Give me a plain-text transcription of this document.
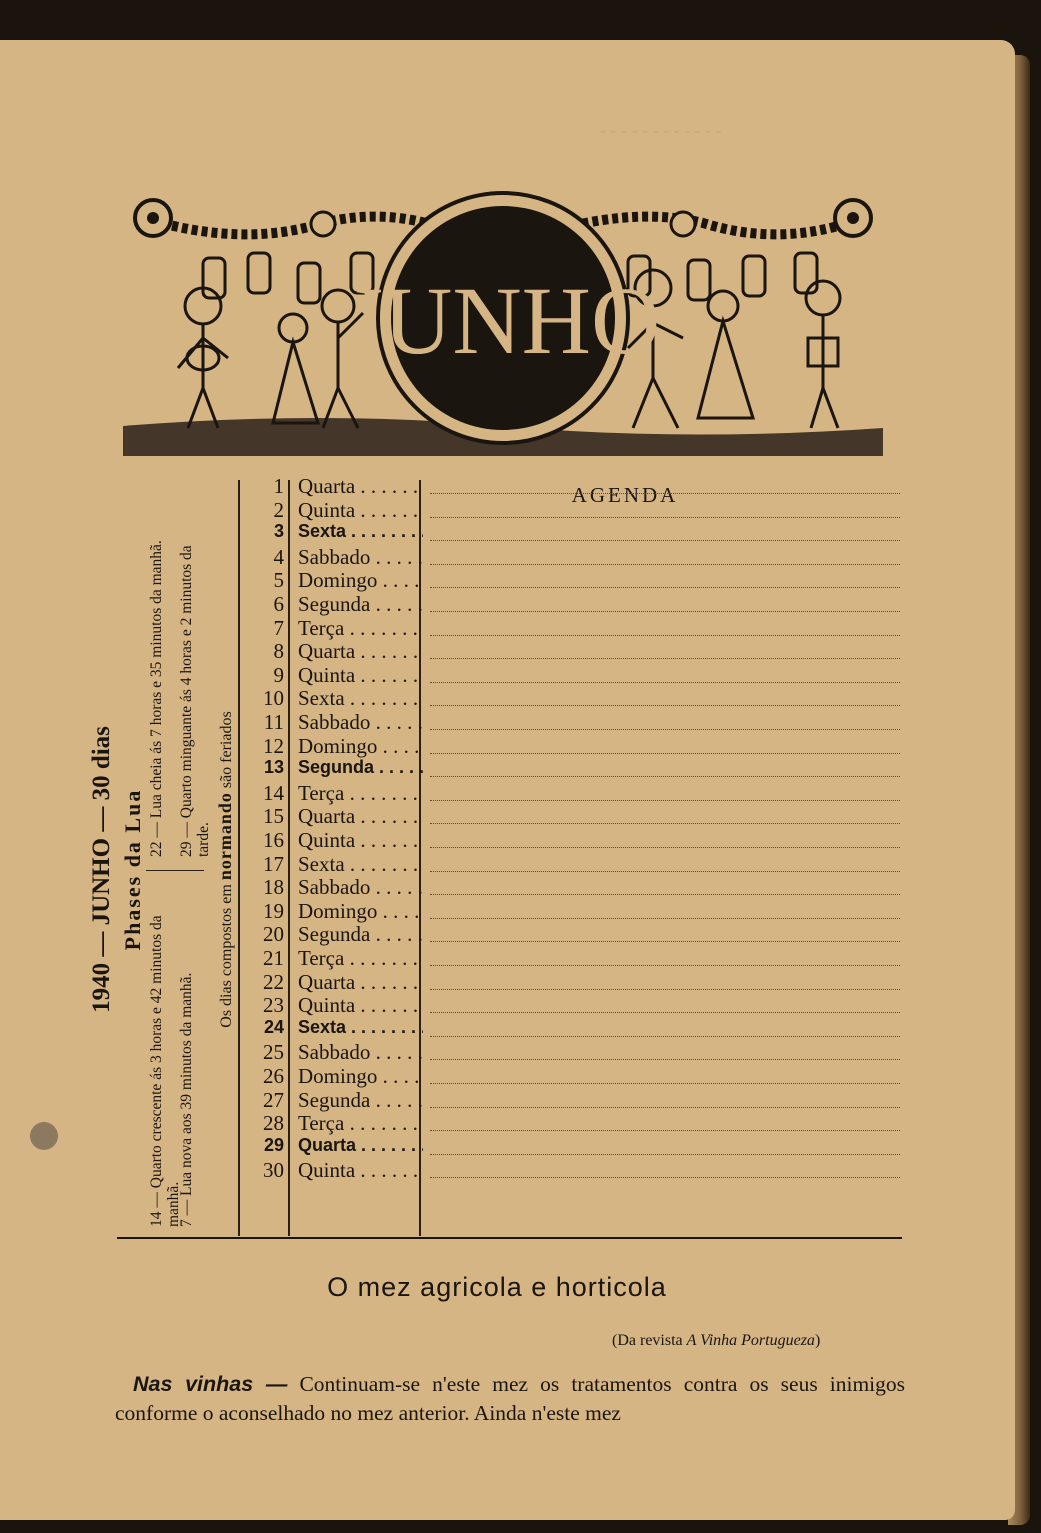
- - - - - - - - - - - -
JUNHO
AGENDA
1940 — JUNHO — 30 dias Phases da Lua
14 — Quarto crescente ás 3 horas e 42 minutos da manhã.
22 — Lua cheia ás 7 horas e 35 minutos da manhã.
7 — Lua nova aos 39 minutos da manhã.
29 — Quarto minguante ás 4 horas e 2 minutos da tarde.
Os dias compostos em normando são feriados
1 Quarta . . .
2 Quinta . . .
3 Sexta . . .
4 Sabbado . . .
5 Domingo . . .
6 Segunda . . .
7 Terça . . .
8 Quarta . . .
9 Quinta . . .
10 Sexta . . .
11 Sabbado . . .
12 Domingo . . .
13 Segunda . . .
14 Terça . . .
15 Quarta . . .
16 Quinta . . .
17 Sexta . . .
18 Sabbado . . .
19 Domingo . . .
20 Segunda . . .
21 Terça . . .
22 Quarta . . .
23 Quinta . . .
24 Sexta . . .
25 Sabbado . . .
26 Domingo . . .
27 Segunda . . .
28 Terça . . .
29 Quarta . . .
30 Quinta . . .
O mez agricola e horticola
(Da revista A Vinha Portugueza)
Nas vinhas — Continuam-se n'este mez os tratamentos contra os seus inimigos conforme o aconselhado no mez anterior. Ainda n'este mez
